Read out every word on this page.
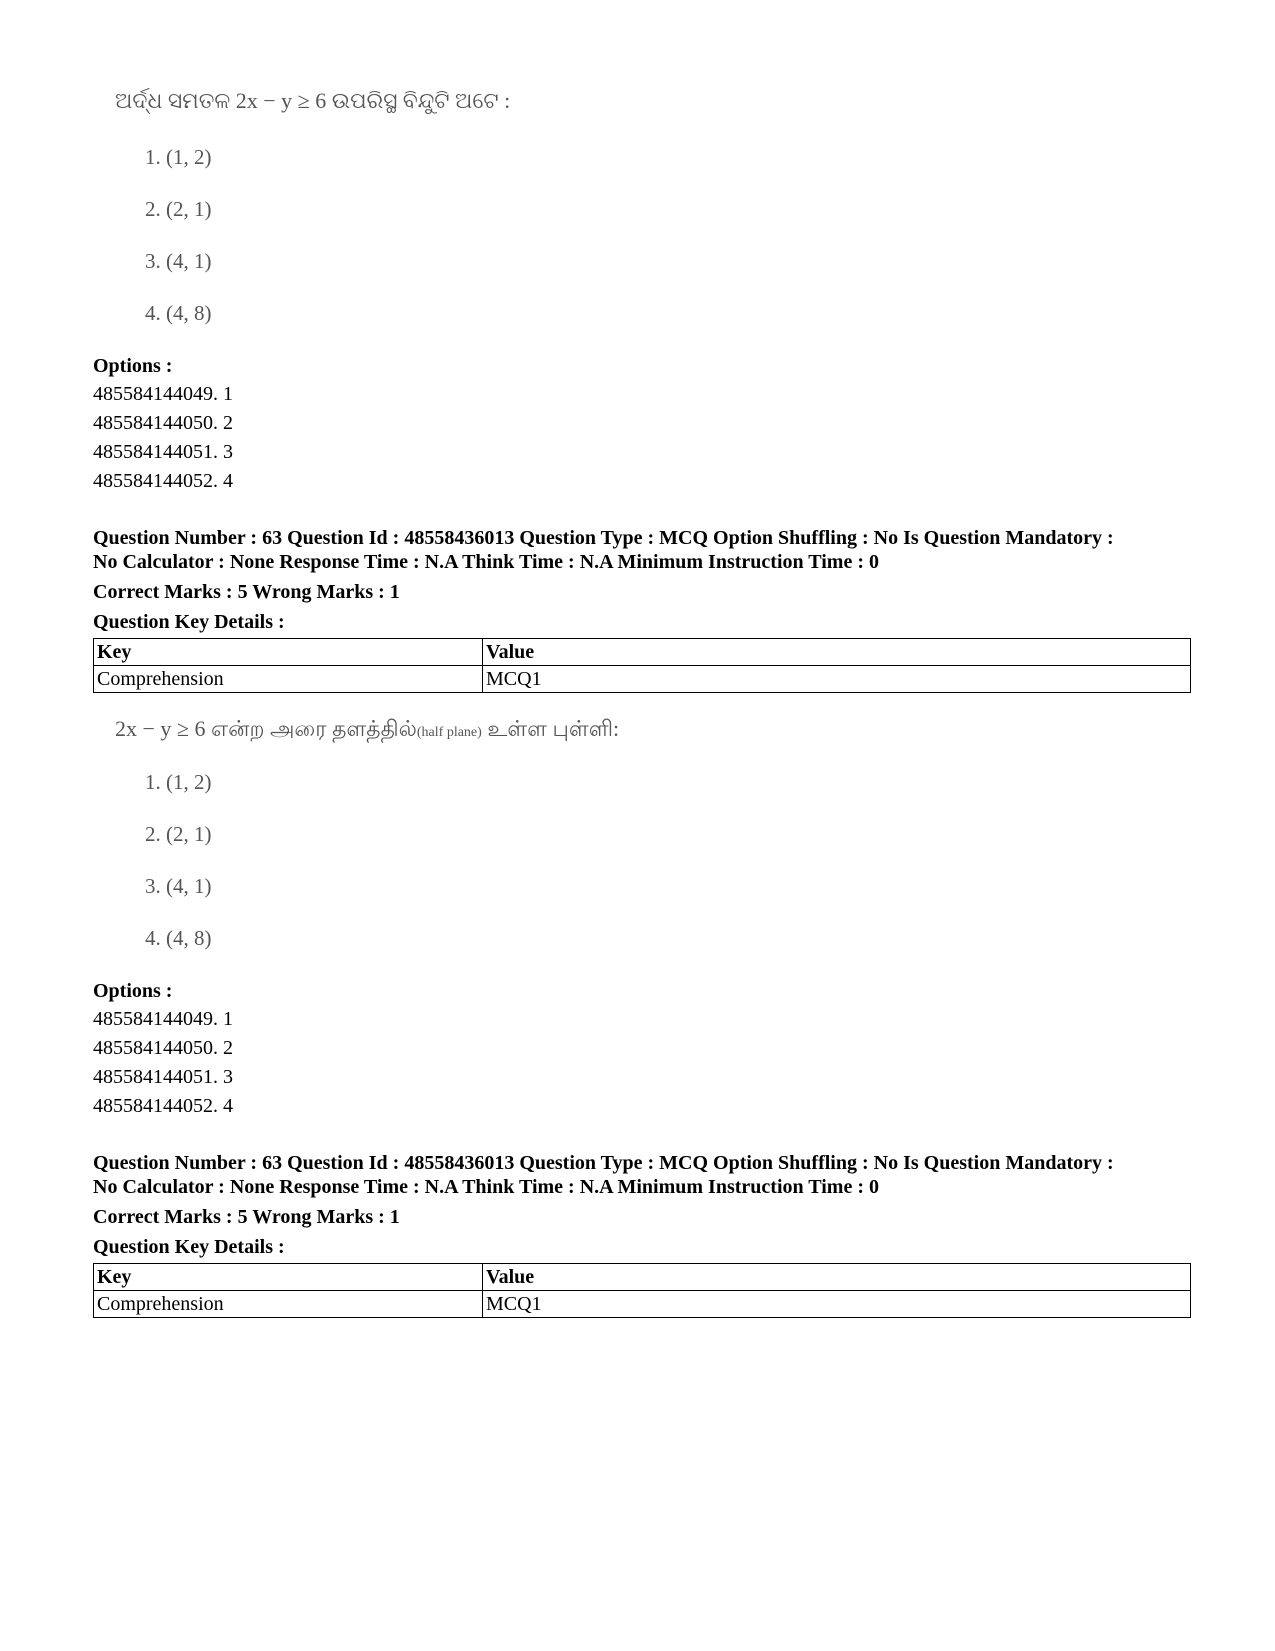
ଅର୍ଦ୍ଧ ସମତଳ 2x − y ≥ 6 ଉପରିସ୍ଥ ବିନ୍ଦୁଟି ଅଟେ :
1. (1, 2)
2. (2, 1)
3. (4, 1)
4. (4, 8)
Options :
485584144049. 1
485584144050. 2
485584144051. 3
485584144052. 4
Question Number : 63 Question Id : 48558436013 Question Type : MCQ Option Shuffling : No Is Question Mandatory :
No Calculator : None Response Time : N.A Think Time : N.A Minimum Instruction Time : 0
Correct Marks : 5 Wrong Marks : 1
Question Key Details :
Key	Value
Comprehension	MCQ1
2x − y ≥ 6 என்ற அரை தளத்தில்(half plane) உள்ள புள்ளி:
1. (1, 2)
2. (2, 1)
3. (4, 1)
4. (4, 8)
Options :
485584144049. 1
485584144050. 2
485584144051. 3
485584144052. 4
Question Number : 63 Question Id : 48558436013 Question Type : MCQ Option Shuffling : No Is Question Mandatory :
No Calculator : None Response Time : N.A Think Time : N.A Minimum Instruction Time : 0
Correct Marks : 5 Wrong Marks : 1
Question Key Details :
Key	Value
Comprehension	MCQ1
